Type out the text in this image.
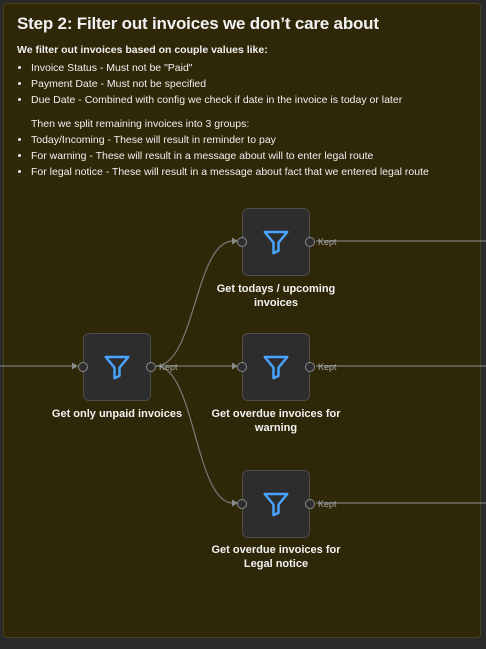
Step 2: Filter out invoices we don’t care about
We filter out invoices based on couple values like:
• Invoice Status - Must not be "Paid"
• Payment Date - Must not be specified
• Due Date - Combined with config we check if date in the invoice is today or later
Then we split remaining invoices into 3 groups:
• Today/Incoming - These will result in reminder to pay
• For warning - These will result in a message about will to enter legal route
• For legal notice - These will result in a message about fact that we entered legal route
Kept
Get only unpaid invoices
Kept
Get todays / upcoming invoices
Kept
Get overdue invoices for warning
Kept
Get overdue invoices for Legal notice
